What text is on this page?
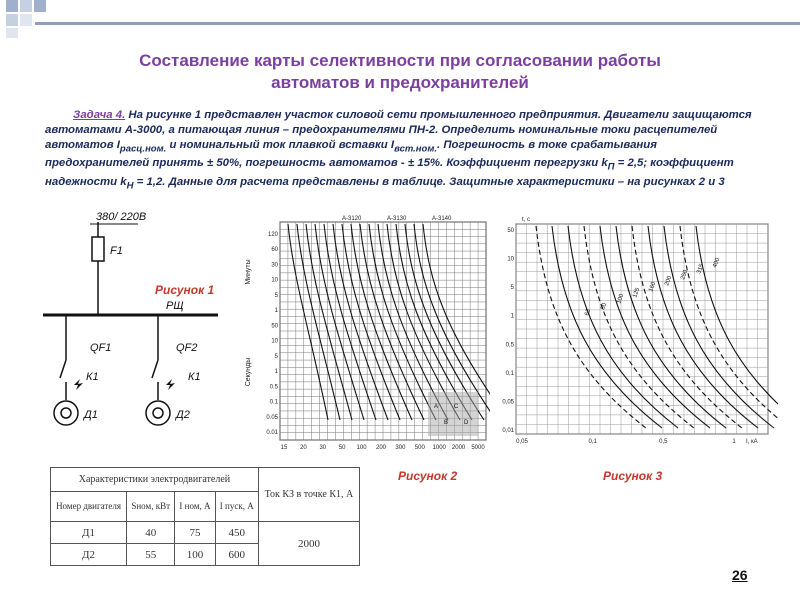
Составление карты селективности при согласовании работы
автоматов и предохранителей
Задача 4. На рисунке 1 представлен участок силовой сети промышленного предприятия. Двигатели защищаются автоматами А-3000, а питающая линия – предохранителями ПН-2. Определить номинальные токи расцепителей автоматов $I_{расц.ном.}$ и номинальный ток плавкой вставки $I_{вст.ном.}$. Погрешность в токе срабатывания предохранителей принять ± 50%, погрешность автоматов - ± 15%. Коэффициент перегрузки $k_П = 2,5$; коэффициент надежности $k_Н = 1,2$. Данные для расчета представлены в таблице. Защитные характеристики – на рисунках 2 и 3
380/ 220В
F1
РЩ
QF1	QF2
К1	К1
Д1	Д2
Рисунок 1
120
60
30
10
5
1
50
10
5
1
0.5
0.1
0.05
0.01
15 20 30 50 100 200 300 500 1000 2000 5000
Минуты
Секунды
А-3120	А-3130	А-3140
A
B
C
D
Рисунок 2
50
10
5
1
0,5
0,1
0,05
0,01
0,05	0,1	0,5	1
t, c
I, кА
63
80
100
125
160
200
250
315
400
Рисунок 3
Характеристики электродвигателей				Ток КЗ в точке К1, А
Номер двигателя	Sном, кВт	I ном, А	I пуск, А	
Д1	40	75	450	2000
Д2	55	100	600	
26
